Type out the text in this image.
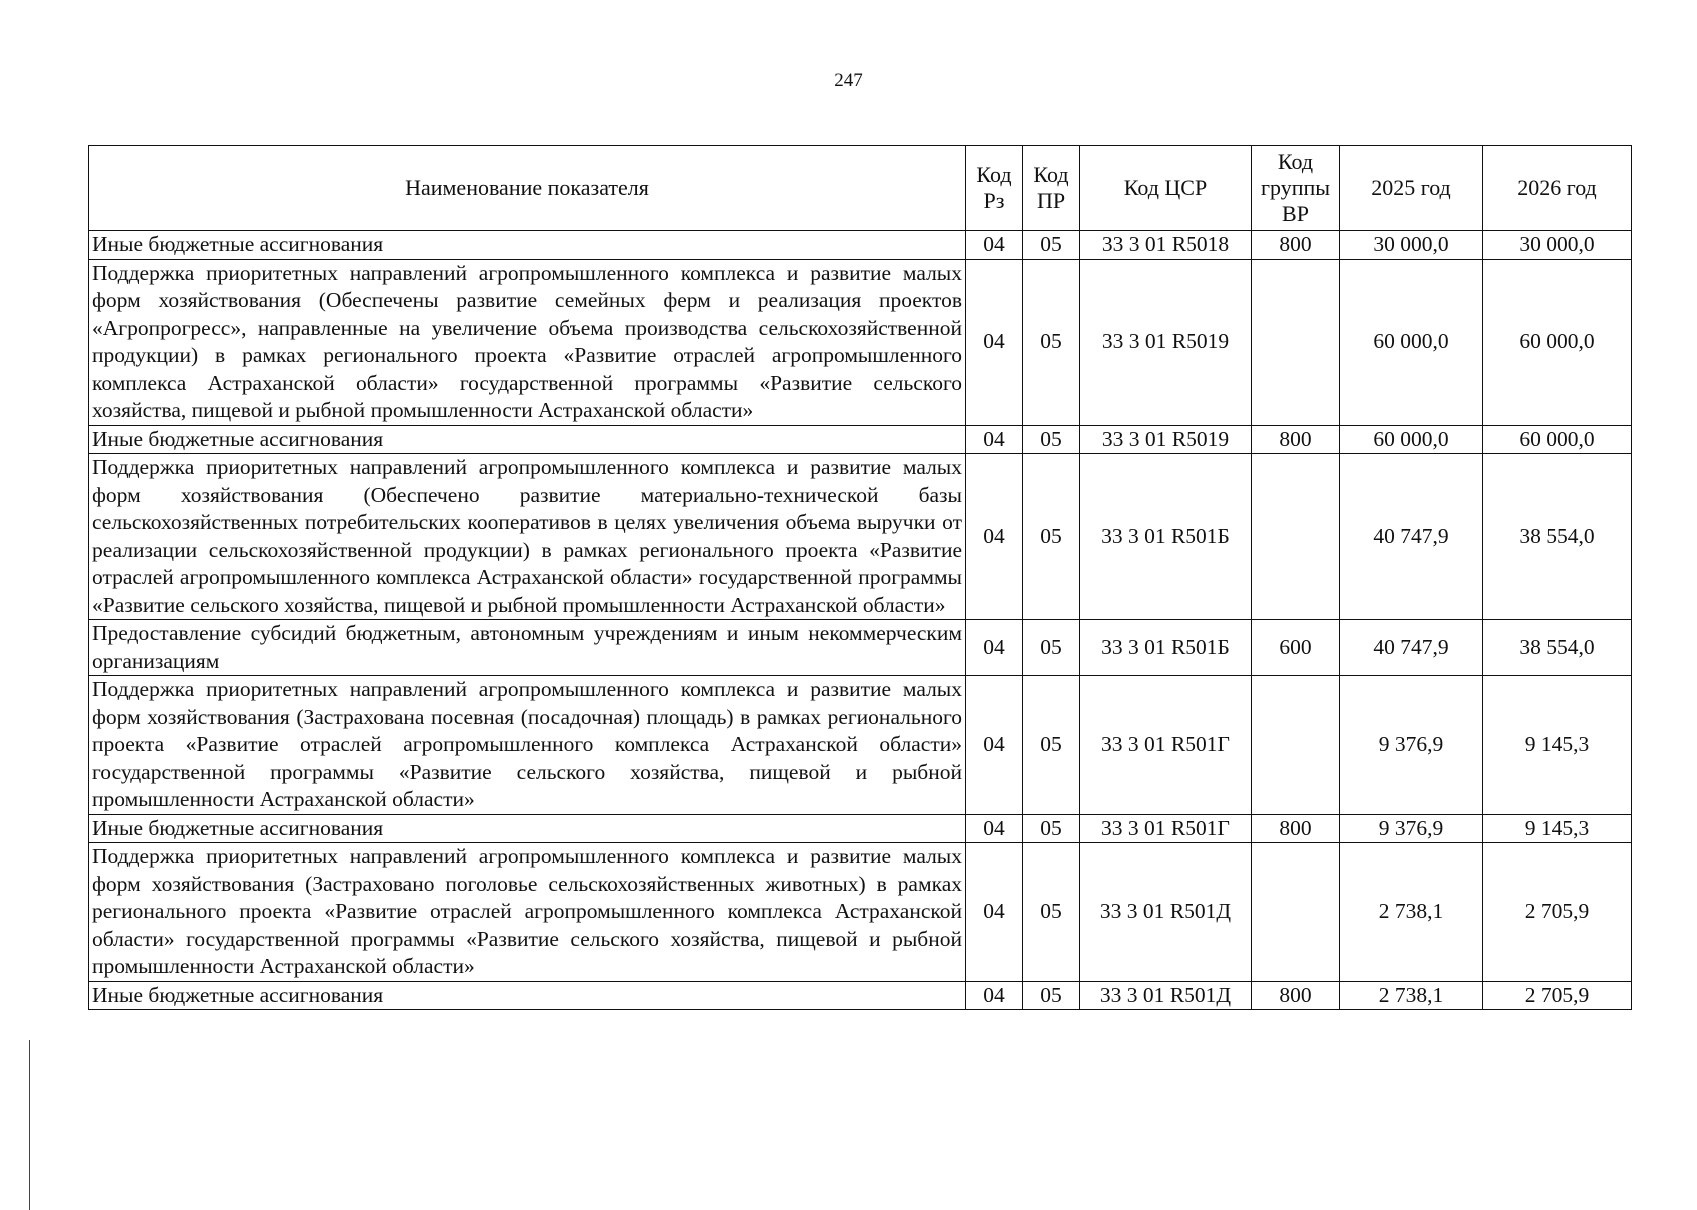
247
Наименование показателя	Код Рз	Код ПР	Код ЦСР	Код группы ВР	2025 год	2026 год
Иные бюджетные ассигнования	04	05	33 3 01 R5018	800	30 000,0	30 000,0
Поддержка приоритетных направлений агропромышленного комплекса и развитие малых форм хозяйствования (Обеспечены развитие семейных ферм и реализация проектов «Агропрогресс», направленные на увеличение объема производства сельскохозяйственной продукции) в рамках регионального проекта «Развитие отраслей агропромышленного комплекса Астраханской области» государственной программы «Развитие сельского хозяйства, пищевой и рыбной промышленности Астраханской области»	04	05	33 3 01 R5019		60 000,0	60 000,0
Иные бюджетные ассигнования	04	05	33 3 01 R5019	800	60 000,0	60 000,0
Поддержка приоритетных направлений агропромышленного комплекса и развитие малых форм хозяйствования (Обеспечено развитие материально-технической базы сельскохозяйственных потребительских кооперативов в целях увеличения объема выручки от реализации сельскохозяйственной продукции) в рамках регионального проекта «Развитие отраслей агропромышленного комплекса Астраханской области» государственной программы «Развитие сельского хозяйства, пищевой и рыбной промышленности Астраханской области»	04	05	33 3 01 R501Б		40 747,9	38 554,0
Предоставление субсидий бюджетным, автономным учреждениям и иным некоммерческим организациям	04	05	33 3 01 R501Б	600	40 747,9	38 554,0
Поддержка приоритетных направлений агропромышленного комплекса и развитие малых форм хозяйствования (Застрахована посевная (посадочная) площадь) в рамках регионального проекта «Развитие отраслей агропромышленного комплекса Астраханской области» государственной программы «Развитие сельского хозяйства, пищевой и рыбной промышленности Астраханской области»	04	05	33 3 01 R501Г		9 376,9	9 145,3
Иные бюджетные ассигнования	04	05	33 3 01 R501Г	800	9 376,9	9 145,3
Поддержка приоритетных направлений агропромышленного комплекса и развитие малых форм хозяйствования (Застраховано поголовье сельскохозяйственных животных) в рамках регионального проекта «Развитие отраслей агропромышленного комплекса Астраханской области» государственной программы «Развитие сельского хозяйства, пищевой и рыбной промышленности Астраханской области»	04	05	33 3 01 R501Д		2 738,1	2 705,9
Иные бюджетные ассигнования	04	05	33 3 01 R501Д	800	2 738,1	2 705,9
